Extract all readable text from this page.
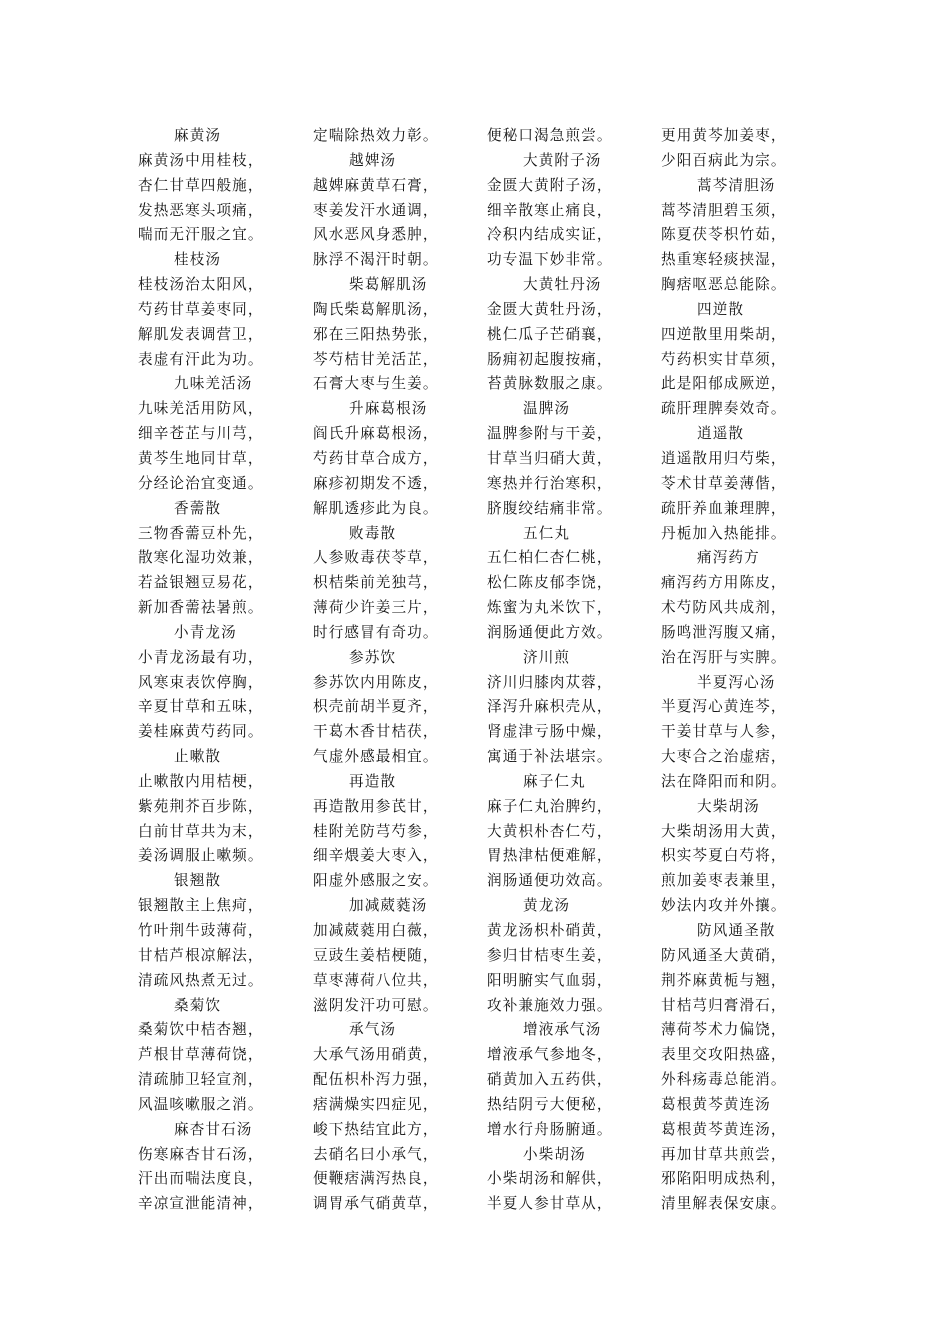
麻黄汤
麻黄汤中用桂枝，
杏仁甘草四般施，
发热恶寒头项痛，
喘而无汗服之宜。
桂枝汤
桂枝汤治太阳风，
芍药甘草姜枣同，
解肌发表调营卫，
表虚有汗此为功。
九味羌活汤
九味羌活用防风，
细辛苍芷与川芎，
黄芩生地同甘草，
分经论治宜变通。
香薷散
三物香薷豆朴先，
散寒化湿功效兼，
若益银翘豆易花，
新加香薷祛暑煎。
小青龙汤
小青龙汤最有功，
风寒束表饮停胸，
辛夏甘草和五味，
姜桂麻黄芍药同。
止嗽散
止嗽散内用桔梗，
紫苑荆芥百步陈，
白前甘草共为末，
姜汤调服止嗽频。
银翘散
银翘散主上焦疴，
竹叶荆牛豉薄荷，
甘桔芦根凉解法，
清疏风热煮无过。
桑菊饮
桑菊饮中桔杏翘，
芦根甘草薄荷饶，
清疏肺卫轻宣剂，
风温咳嗽服之消。
麻杏甘石汤
伤寒麻杏甘石汤，
汗出而喘法度良，
辛凉宣泄能清神，
定喘除热效力彰。
越婢汤
越婢麻黄草石膏，
枣姜发汗水通调，
风水恶风身悉肿，
脉浮不渴汗时朝。
柴葛解肌汤
陶氏柴葛解肌汤，
邪在三阳热势张，
芩芍桔甘羌活芷，
石膏大枣与生姜。
升麻葛根汤
阎氏升麻葛根汤，
芍药甘草合成方，
麻疹初期发不透，
解肌透疹此为良。
败毒散
人参败毒茯苓草，
枳桔柴前羌独芎，
薄荷少许姜三片，
时行感冒有奇功。
参苏饮
参苏饮内用陈皮，
枳壳前胡半夏齐，
干葛木香甘桔茯，
气虚外感最相宜。
再造散
再造散用参芪甘，
桂附羌防芎芍参，
细辛煨姜大枣入，
阳虚外感服之安。
加减葳蕤汤
加减葳蕤用白薇，
豆豉生姜桔梗随，
草枣薄荷八位共，
滋阴发汗功可慰。
承气汤
大承气汤用硝黄，
配伍枳朴泻力强，
痞满燥实四症见，
峻下热结宜此方，
去硝名曰小承气，
便鞭痞满泻热良，
调胃承气硝黄草，
便秘口渴急煎尝。
大黄附子汤
金匮大黄附子汤，
细辛散寒止痛良，
冷积内结成实证，
功专温下妙非常。
大黄牡丹汤
金匮大黄牡丹汤，
桃仁瓜子芒硝襄，
肠痈初起腹按痛，
苔黄脉数服之康。
温脾汤
温脾参附与干姜，
甘草当归硝大黄，
寒热并行治寒积，
脐腹绞结痛非常。
五仁丸
五仁柏仁杏仁桃，
松仁陈皮郁李饶，
炼蜜为丸米饮下，
润肠通便此方效。
济川煎
济川归膝肉苁蓉，
泽泻升麻枳壳从，
肾虚津亏肠中燥，
寓通于补法堪宗。
麻子仁丸
麻子仁丸治脾约，
大黄枳朴杏仁芍，
胃热津枯便难解，
润肠通便功效高。
黄龙汤
黄龙汤枳朴硝黄，
参归甘桔枣生姜，
阳明腑实气血弱，
攻补兼施效力强。
增液承气汤
增液承气参地冬，
硝黄加入五药供，
热结阴亏大便秘，
增水行舟肠腑通。
小柴胡汤
小柴胡汤和解供，
半夏人参甘草从，
更用黄芩加姜枣，
少阳百病此为宗。
蒿芩清胆汤
蒿芩清胆碧玉须，
陈夏茯苓枳竹茹，
热重寒轻痰挟湿，
胸痞呕恶总能除。
四逆散
四逆散里用柴胡，
芍药枳实甘草须，
此是阳郁成厥逆，
疏肝理脾奏效奇。
逍遥散
逍遥散用归芍柴，
苓术甘草姜薄偕，
疏肝养血兼理脾，
丹栀加入热能排。
痛泻药方
痛泻药方用陈皮，
术芍防风共成剂，
肠鸣泄泻腹又痛，
治在泻肝与实脾。
半夏泻心汤
半夏泻心黄连芩，
干姜甘草与人参，
大枣合之治虚痞，
法在降阳而和阴。
大柴胡汤
大柴胡汤用大黄，
枳实芩夏白芍将，
煎加姜枣表兼里，
妙法内攻并外攘。
防风通圣散
防风通圣大黄硝，
荆芥麻黄栀与翘，
甘桔芎归膏滑石，
薄荷芩术力偏饶，
表里交攻阳热盛，
外科疡毒总能消。
葛根黄芩黄连汤
葛根黄芩黄连汤，
再加甘草共煎尝，
邪陷阳明成热利，
清里解表保安康。
